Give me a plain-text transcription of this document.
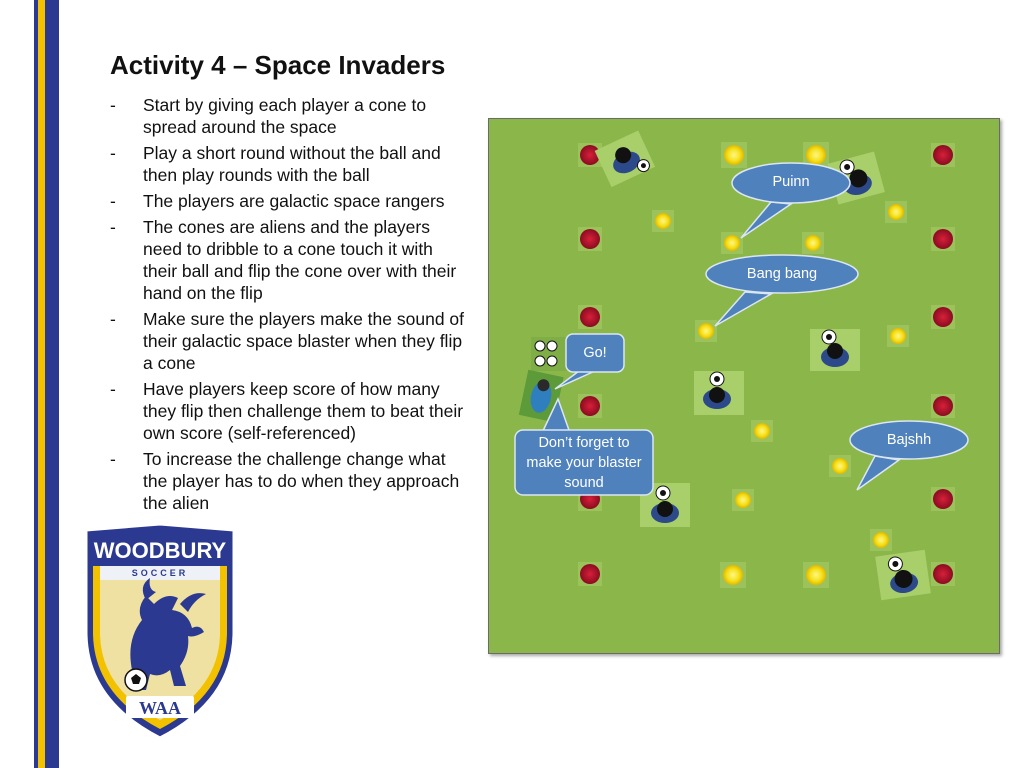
Activity 4 – Space Invaders
- Start by giving each player a cone to spread around the space
- Play a short round without the ball and then play rounds with the ball
- The players are galactic space rangers
- The cones are aliens and the players need to dribble to a cone touch it with their ball and flip the cone over with their hand on the flip
- Make sure the players make the sound of their galactic space blaster when they flip a cone
- Have players keep score of how many they flip then challenge them to beat their own score (self-referenced)
- To increase the challenge change what the player has to do when they approach the alien
WOODBURY
SOCCER
WAA
Puinn
Bang bang
Go!
Don’t forget to make your blaster sound
Bajshh
